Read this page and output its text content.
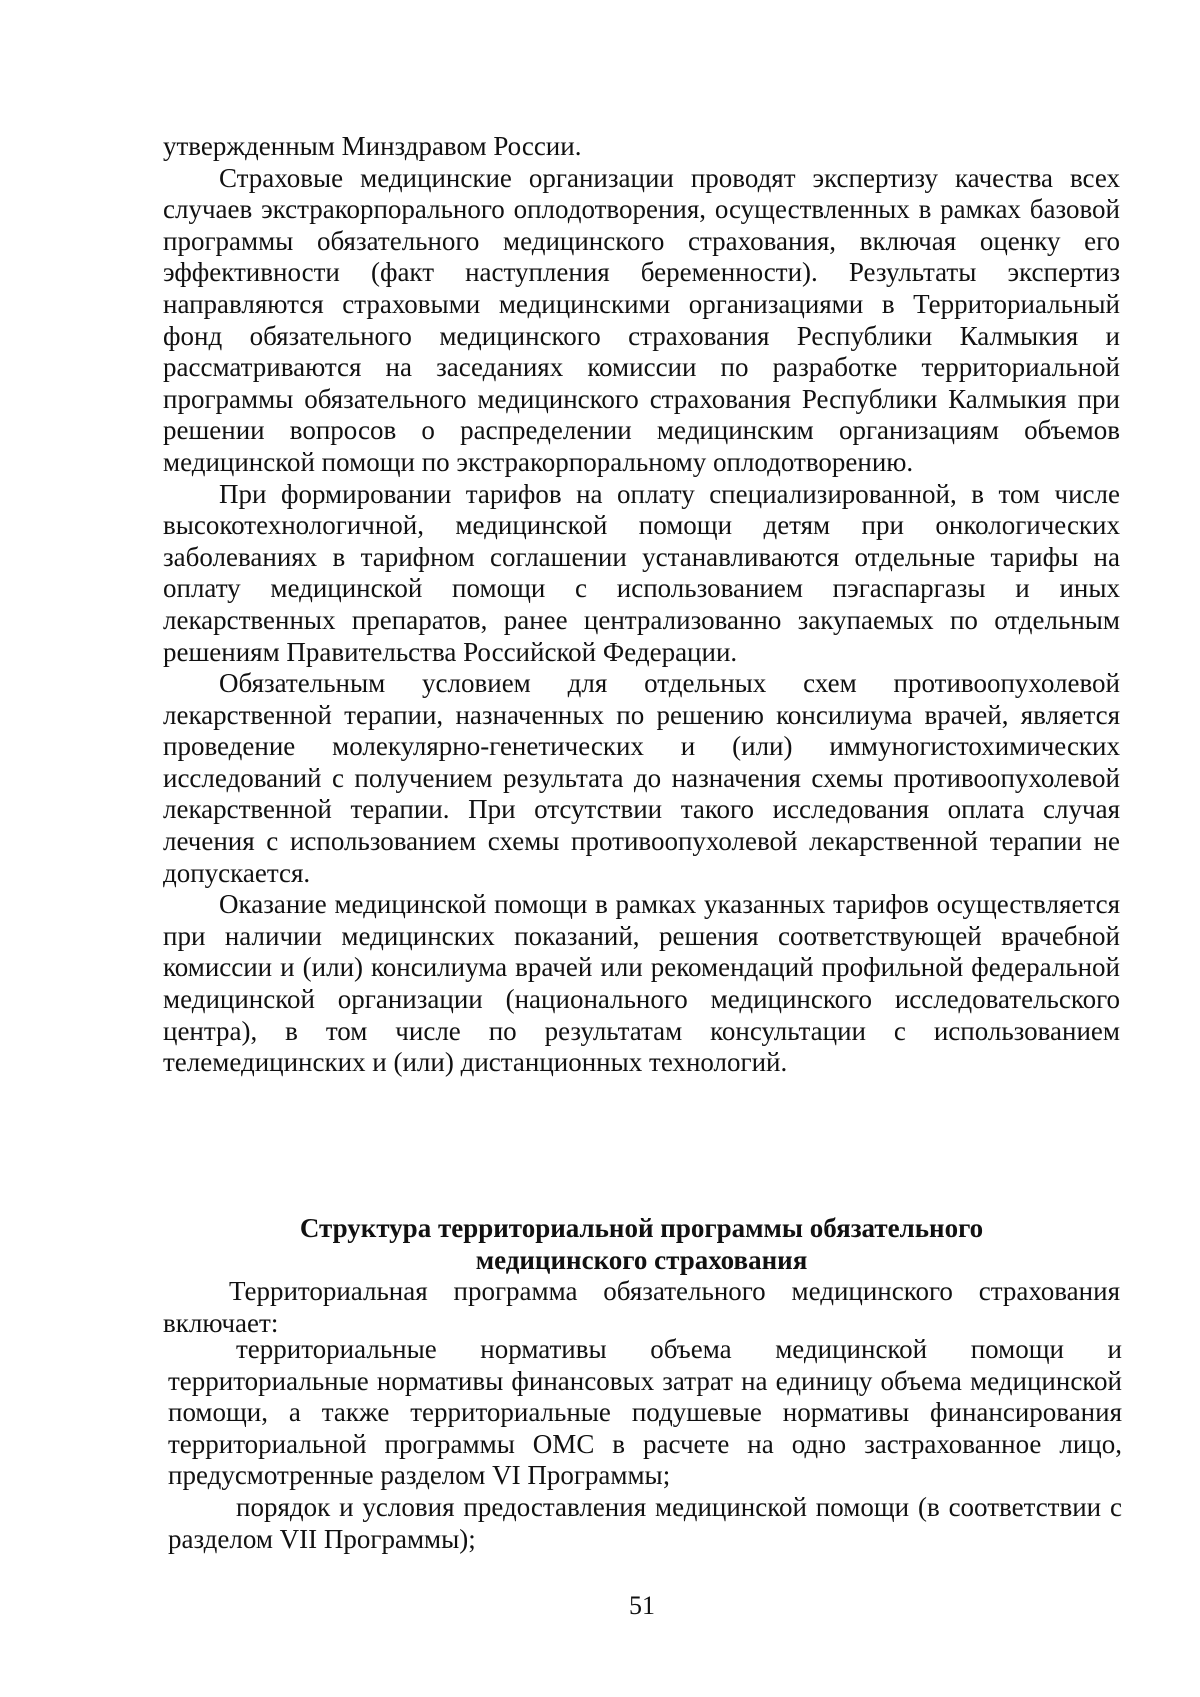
утвержденным Минздравом России.

Страховые медицинские организации проводят экспертизу качества всех случаев экстракорпорального оплодотворения, осуществленных в рамках базовой программы обязательного медицинского страхования, включая оценку его эффективности (факт наступления беременности). Результаты экспертиз направляются страховыми медицинскими организациями в Территориальный фонд обязательного медицинского страхования Республики Калмыкия и рассматриваются на заседаниях комиссии по разработке территориальной программы обязательного медицинского страхования Республики Калмыкия при решении вопросов о распределении медицинским организациям объемов медицинской помощи по экстракорпоральному оплодотворению.

При формировании тарифов на оплату специализированной, в том числе высокотехнологичной, медицинской помощи детям при онкологических заболеваниях в тарифном соглашении устанавливаются отдельные тарифы на оплату медицинской помощи с использованием пэгаспаргазы и иных лекарственных препаратов, ранее централизованно закупаемых по отдельным решениям Правительства Российской Федерации.

Обязательным условием для отдельных схем противоопухолевой лекарственной терапии, назначенных по решению консилиума врачей, является проведение молекулярно-генетических и (или) иммуногистохимических исследований с получением результата до назначения схемы противоопухолевой лекарственной терапии. При отсутствии такого исследования оплата случая лечения с использованием схемы противоопухолевой лекарственной терапии не допускается.

Оказание медицинской помощи в рамках указанных тарифов осуществляется при наличии медицинских показаний, решения соответствующей врачебной комиссии и (или) консилиума врачей или рекомендаций профильной федеральной медицинской организации (национального медицинского исследовательского центра), в том числе по результатам консультации с использованием телемедицинских и (или) дистанционных технологий.

Структура территориальной программы обязательного
медицинского страхования

Территориальная программа обязательного медицинского страхования включает:

территориальные нормативы объема медицинской помощи и территориальные нормативы финансовых затрат на единицу объема медицинской помощи, а также территориальные подушевые нормативы финансирования территориальной программы ОМС в расчете на одно застрахованное лицо, предусмотренные разделом VI Программы;

порядок и условия предоставления медицинской помощи (в соответствии с разделом VII Программы);

51
